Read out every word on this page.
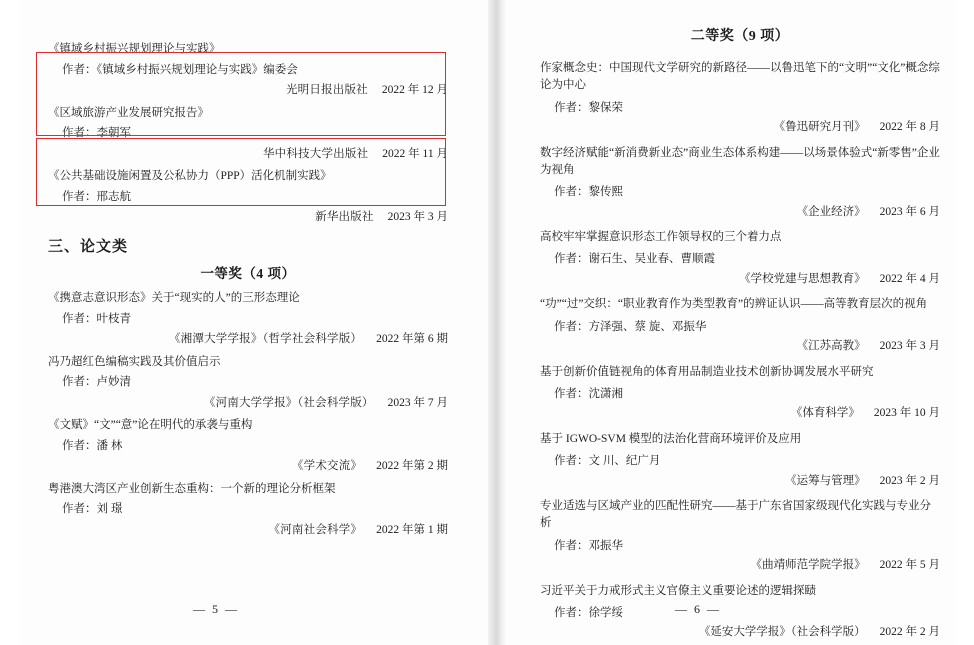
《镇域乡村振兴规划理论与实践》
作者：《镇域乡村振兴规划理论与实践》编委会
光明日报出版社 2022 年 12 月
《区域旅游产业发展研究报告》
作者：李朝军
华中科技大学出版社 2022 年 11 月
《公共基础设施闲置及公私协力（PPP）活化机制实践》
作者：邢志航
新华出版社 2023 年 3 月
三、论文类
一等奖（4 项）
《携意志意识形态》关于“现实的人”的三形态理论
作者：叶枝青
《湘潭大学学报》（哲学社会科学版） 2022 年第 6 期
冯乃超红色编稿实践及其价值启示
作者：卢妙清
《河南大学学报》（社会科学版） 2023 年 7 月
《文赋》“文”“意”论在明代的承袭与重构
作者：潘 林
《学术交流》 2022 年第 2 期
粤港澳大湾区产业创新生态重构：一个新的理论分析框架
作者：刘 璟
《河南社会科学》 2022 年第 1 期
— 5 —
二等奖（9 项）
作家概念史：中国现代文学研究的新路径——以鲁迅笔下的“文明”“文化”概念综论为中心
作者：黎保荣
《鲁迅研究月刊》 2022 年 8 月
数字经济赋能“新消费新业态”商业生态体系构建——以场景体验式“新零售”企业为视角
作者：黎传熙
《企业经济》 2023 年 6 月
高校牢牢掌握意识形态工作领导权的三个着力点
作者：谢石生、吴业春、曹顺霞
《学校党建与思想教育》 2022 年 4 月
“功”“过”交织：“职业教育作为类型教育”的辨证认识——高等教育层次的视角
作者：方泽强、蔡 旋、邓振华
《江苏高教》 2023 年 3 月
基于创新价值链视角的体育用品制造业技术创新协调发展水平研究
作者：沈潇湘
《体育科学》 2023 年 10 月
基于 IGWO-SVM 模型的法治化营商环境评价及应用
作者：文 川、纪广月
《运筹与管理》 2023 年 2 月
专业适选与区域产业的匹配性研究——基于广东省国家级现代化实践与专业分析
作者：邓振华
《曲靖师范学院学报》 2022 年 5 月
习近平关于力戒形式主义官僚主义重要论述的逻辑探赜
作者：徐学绥
《延安大学学报》（社会科学版） 2022 年 2 月
— 6 —
